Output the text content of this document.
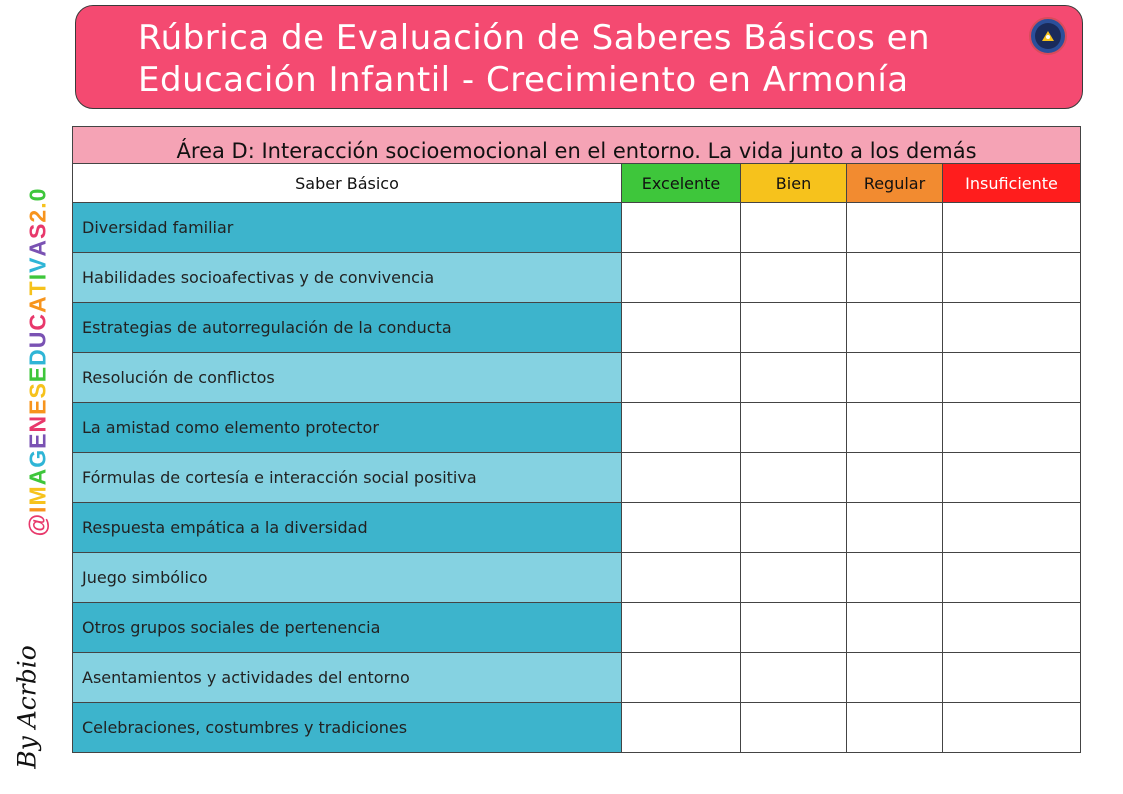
@IMAGENESEDUCATIVAS2.0
By Acrbio
Rúbrica de Evaluación de Saberes Básicos en
Educación Infantil - Crecimiento en Armonía
Área D: Interacción socioemocional en el entorno. La vida junto a los demás				
Saber Básico	Excelente	Bien	Regular	Insuficiente
Diversidad familiar				
Habilidades socioafectivas y de convivencia				
Estrategias de autorregulación de la conducta				
Resolución de conflictos				
La amistad como elemento protector				
Fórmulas de cortesía e interacción social positiva				
Respuesta empática a la diversidad				
Juego simbólico				
Otros grupos sociales de pertenencia				
Asentamientos y actividades del entorno				
Celebraciones, costumbres y tradiciones				
